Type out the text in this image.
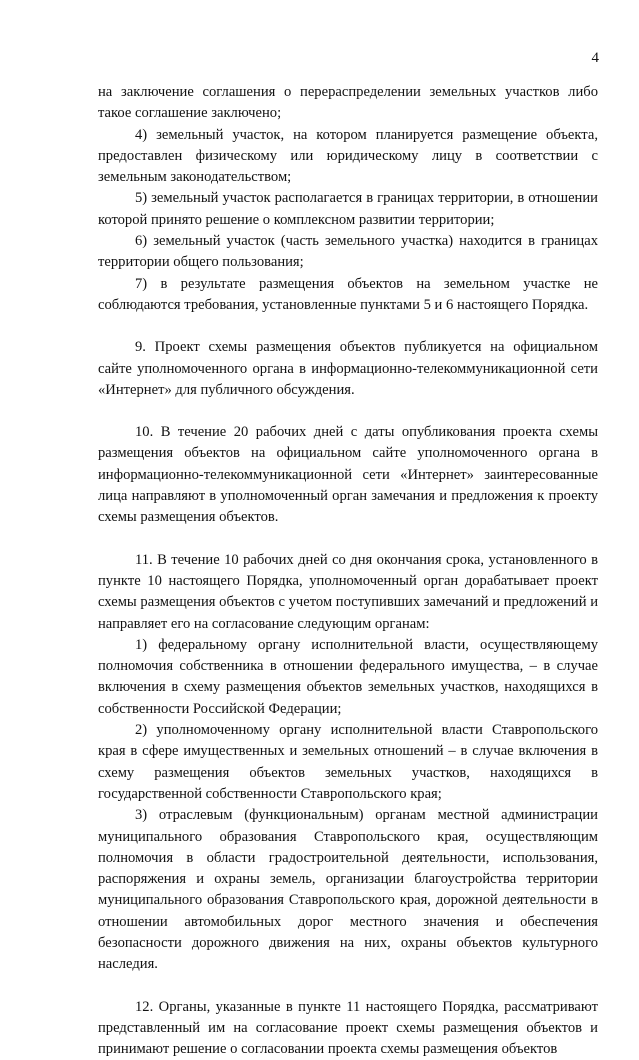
4

на заключение соглашения о перераспределении земельных участков либо такое соглашение заключено;

4) земельный участок, на котором планируется размещение объекта, предоставлен физическому или юридическому лицу в соответствии с земельным законодательством;

5) земельный участок располагается в границах территории, в отношении которой принято решение о комплексном развитии территории;

6) земельный участок (часть земельного участка) находится в границах территории общего пользования;

7) в результате размещения объектов на земельном участке не соблюдаются требования, установленные пунктами 5 и 6 настоящего Порядка.

9. Проект схемы размещения объектов публикуется на официальном сайте уполномоченного органа в информационно-телекоммуникационной сети «Интернет» для публичного обсуждения.

10. В течение 20 рабочих дней с даты опубликования проекта схемы размещения объектов на официальном сайте уполномоченного органа в информационно-телекоммуникационной сети «Интернет» заинтересованные лица направляют в уполномоченный орган замечания и предложения к проекту схемы размещения объектов.

11. В течение 10 рабочих дней со дня окончания срока, установленного в пункте 10 настоящего Порядка, уполномоченный орган дорабатывает проект схемы размещения объектов с учетом поступивших замечаний и предложений и направляет его на согласование следующим органам:

1) федеральному органу исполнительной власти, осуществляющему полномочия собственника в отношении федерального имущества, – в случае включения в схему размещения объектов земельных участков, находящихся в собственности Российской Федерации;

2) уполномоченному органу исполнительной власти Ставропольского края в сфере имущественных и земельных отношений – в случае включения в схему размещения объектов земельных участков, находящихся в государственной собственности Ставропольского края;

3) отраслевым (функциональным) органам местной администрации муниципального образования Ставропольского края, осуществляющим полномочия в области градостроительной деятельности, использования, распоряжения и охраны земель, организации благоустройства территории муниципального образования Ставропольского края, дорожной деятельности в отношении автомобильных дорог местного значения и обеспечения безопасности дорожного движения на них, охраны объектов культурного наследия.

12. Органы, указанные в пункте 11 настоящего Порядка, рассматривают представленный им на согласование проект схемы размещения объектов и принимают решение о согласовании проекта схемы размещения объектов
